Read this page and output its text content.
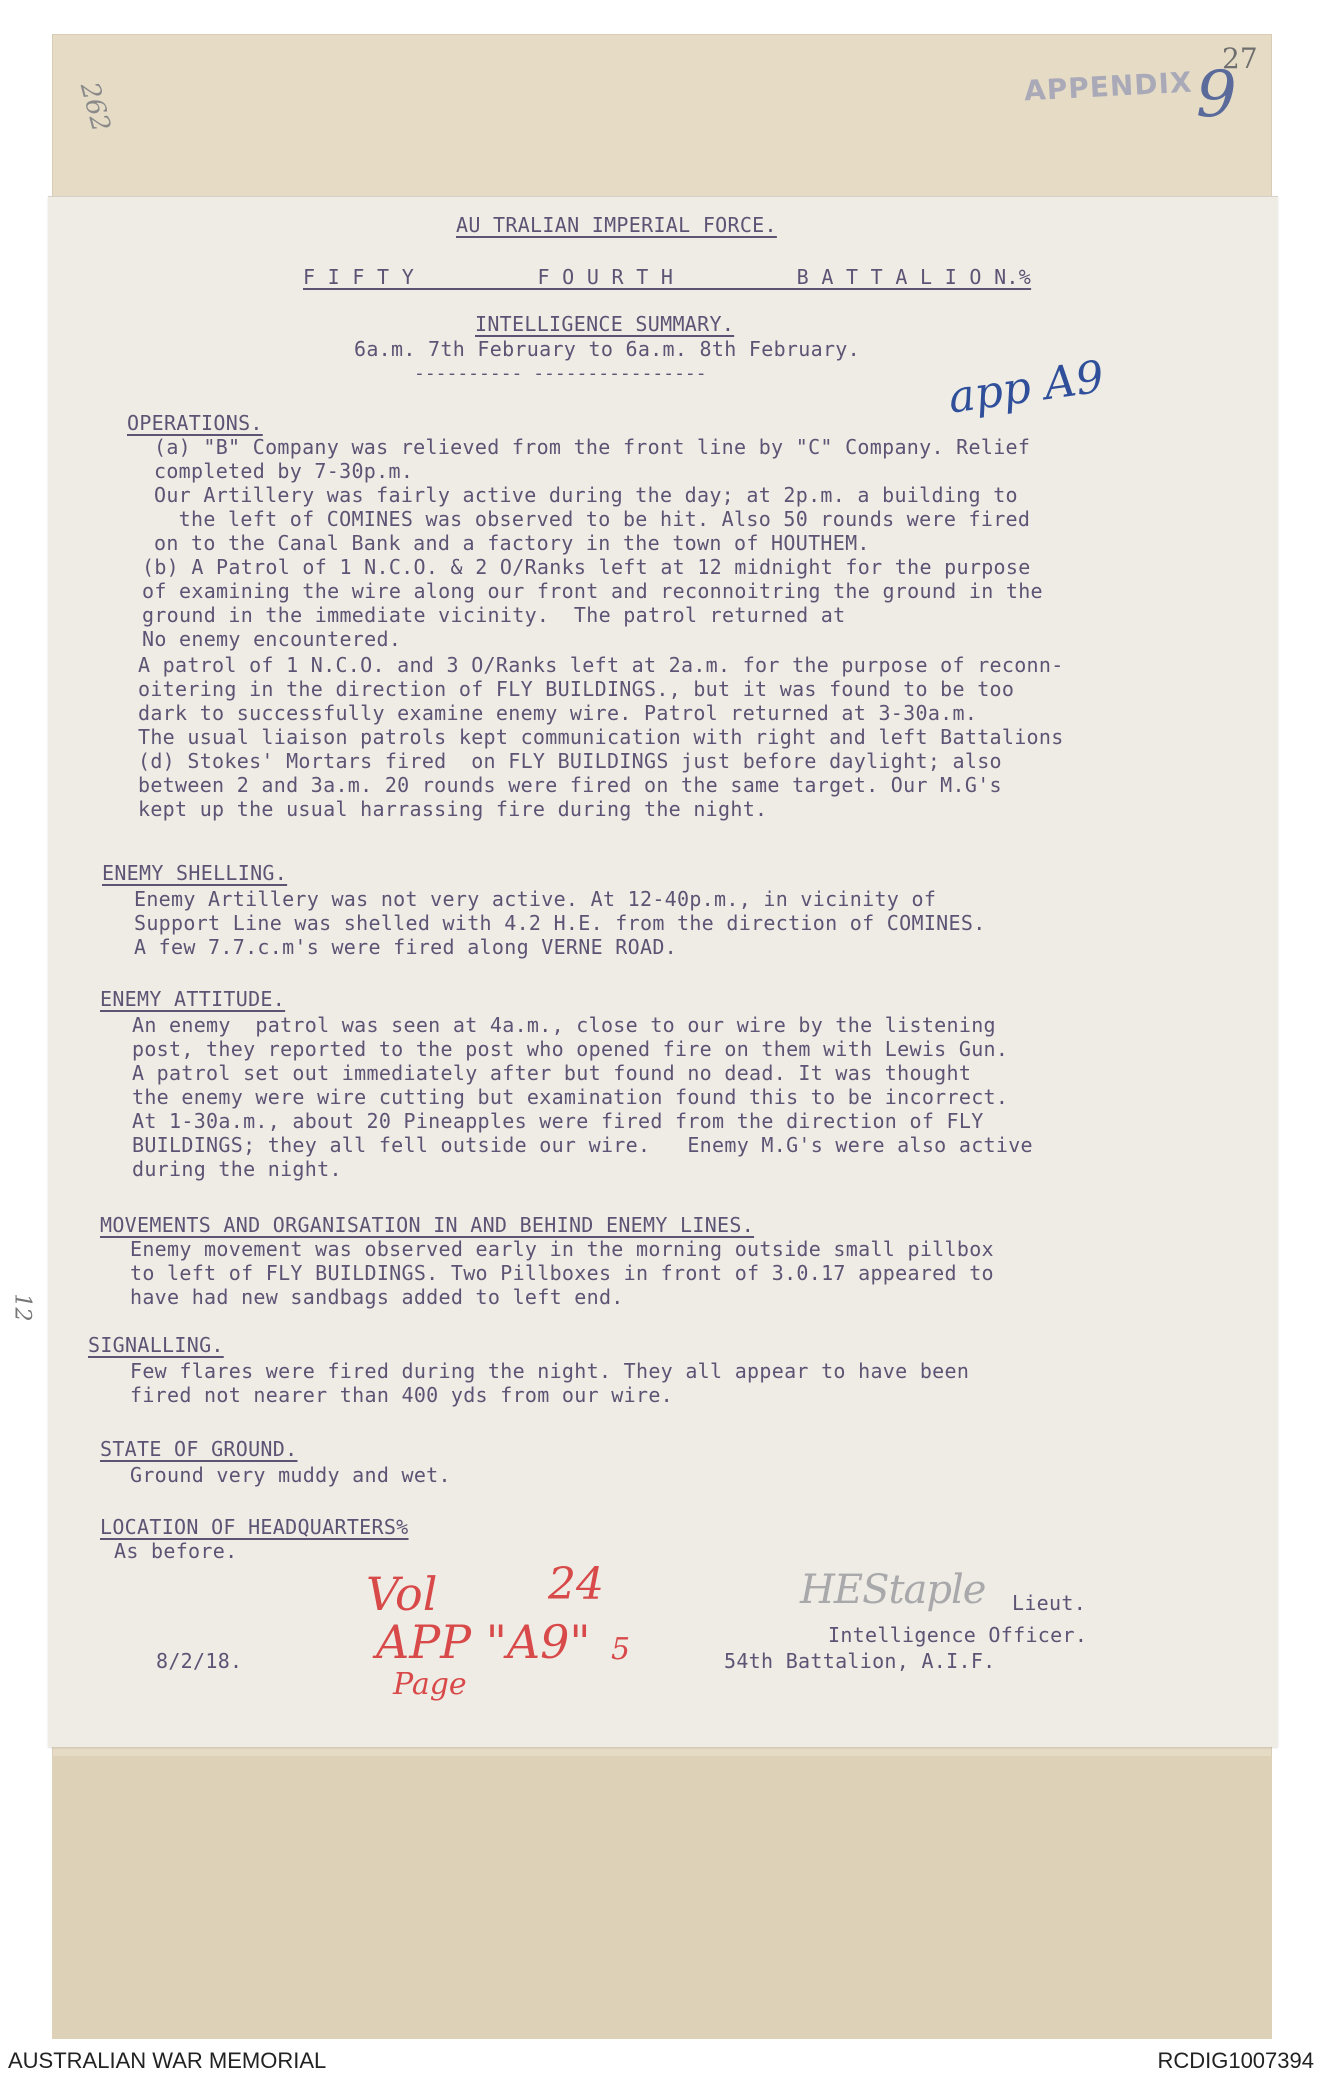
262
27
APPENDIX 9
12
AU TRALIAN IMPERIAL FORCE.
F I F T Y          F O U R T H          B A T T A L I O N.%
INTELLIGENCE SUMMARY.
6a.m. 7th February to 6a.m. 8th February.
---------- ----------------	app A9
OPERATIONS.
(a) "B" Company was relieved from the front line by "C" Company. Relief
completed by 7-30p.m.
Our Artillery was fairly active during the day; at 2p.m. a building to
the left of COMINES was observed to be hit. Also 50 rounds were fired
on to the Canal Bank and a factory in the town of HOUTHEM.
(b) A Patrol of 1 N.C.O. & 2 O/Ranks left at 12 midnight for the purpose
of examining the wire along our front and reconnoitring the ground in the
ground in the immediate vicinity.  The patrol returned at
No enemy encountered.
A patrol of 1 N.C.O. and 3 O/Ranks left at 2a.m. for the purpose of reconn-
oitering in the direction of FLY BUILDINGS., but it was found to be too
dark to successfully examine enemy wire. Patrol returned at 3-30a.m.
The usual liaison patrols kept communication with right and left Battalions
(d) Stokes' Mortars fired  on FLY BUILDINGS just before daylight; also
between 2 and 3a.m. 20 rounds were fired on the same target. Our M.G's
kept up the usual harrassing fire during the night.
ENEMY SHELLING.
Enemy Artillery was not very active. At 12-40p.m., in vicinity of
Support Line was shelled with 4.2 H.E. from the direction of COMINES.
A few 7.7.c.m's were fired along VERNE ROAD.
ENEMY ATTITUDE.
An enemy  patrol was seen at 4a.m., close to our wire by the listening
post, they reported to the post who opened fire on them with Lewis Gun.
A patrol set out immediately after but found no dead. It was thought
the enemy were wire cutting but examination found this to be incorrect.
At 1-30a.m., about 20 Pineapples were fired from the direction of FLY
BUILDINGS; they all fell outside our wire.   Enemy M.G's were also active
during the night.
MOVEMENTS AND ORGANISATION IN AND BEHIND ENEMY LINES.
Enemy movement was observed early in the morning outside small pillbox
to left of FLY BUILDINGS. Two Pillboxes in front of 3.0.17 appeared to
have had new sandbags added to left end.
SIGNALLING.
Few flares were fired during the night. They all appear to have been
fired not nearer than 400 yds from our wire.
STATE OF GROUND.
Ground very muddy and wet.
LOCATION OF HEADQUARTERS%
As before.
HEStaple Lieut.
Intelligence Officer.
54th Battalion, A.I.F.
8/2/18.
Vol	24
APP "A9" 5
Page
AUSTRALIAN WAR MEMORIAL	RCDIG1007394
